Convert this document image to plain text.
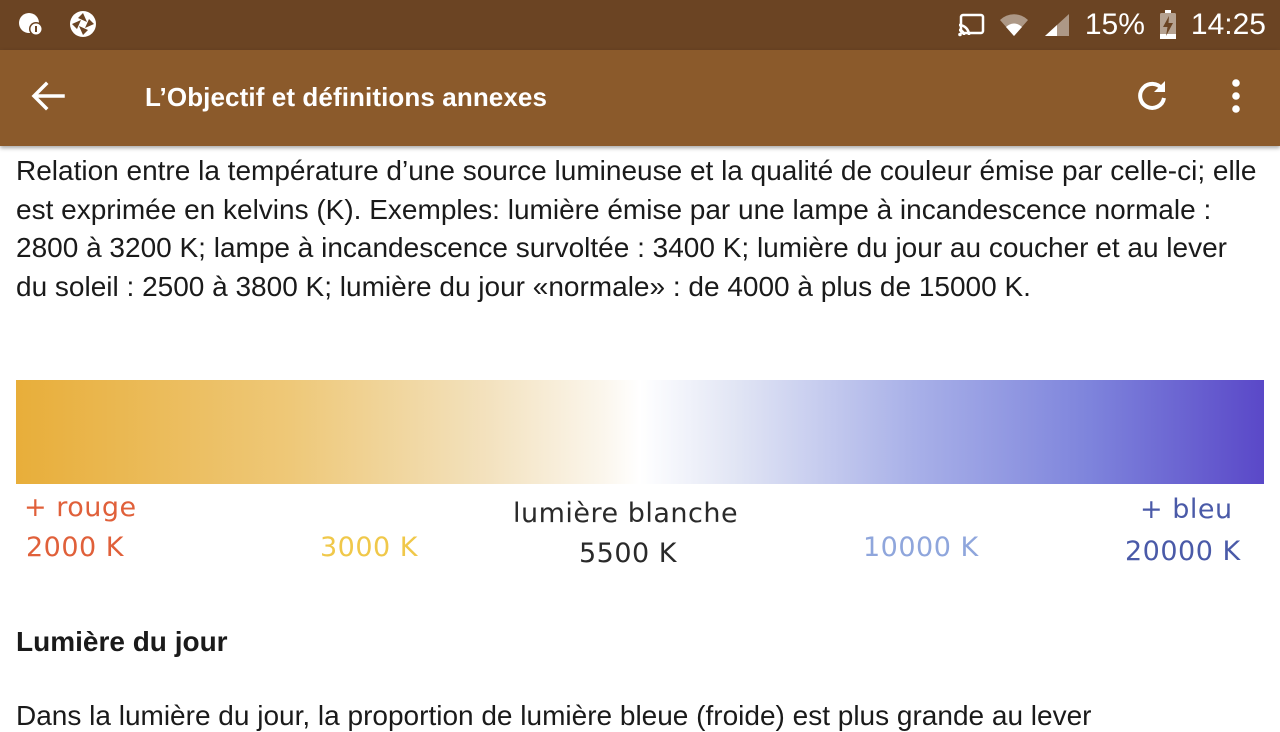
15% 14:25
L’Objectif et définitions annexes

Relation entre la température d’une source lumineuse et la qualité de couleur émise par celle-ci; elle est exprimée en kelvins (K). Exemples: lumière émise par une lampe à incandescence normale : 2800 à 3200 K; lampe à incandescence survoltée : 3400 K; lumière du jour au coucher et au lever du soleil : 2500 à 3800 K; lumière du jour «normale» : de 4000 à plus de 15000 K.

+ rouge
2000 K	3000 K
lumière blanche
5500 K	10000 K
+ bleu
20000 K
Lumière du jour

Dans la lumière du jour, la proportion de lumière bleue (froide) est plus grande au lever
